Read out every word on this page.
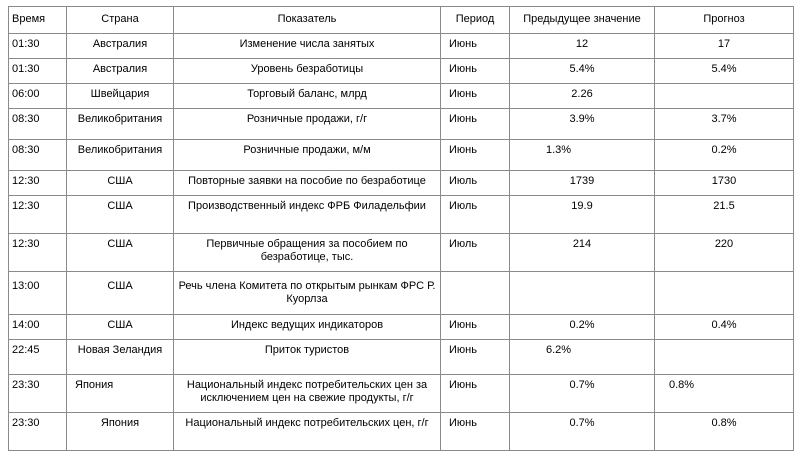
Время	Страна	Показатель	Период	Предыдущее значение	Прогноз
01:30	Австралия	Изменение числа занятых	Июнь	12	17
01:30	Австралия	Уровень безработицы	Июнь	5.4%	5.4%
06:00	Швейцария	Торговый баланс, млрд	Июнь	2.26	
08:30	Великобритания	Розничные продажи, г/г	Июнь	3.9%	3.7%
08:30	Великобритания	Розничные продажи, м/м	Июнь	1.3%	0.2%
12:30	США	Повторные заявки на пособие по безработице	Июль	1739	1730
12:30	США	Производственный индекс ФРБ Филадельфии	Июль	19.9	21.5
12:30	США	Первичные обращения за пособием по безработице, тыс.	Июль	214	220
13:00	США	Речь члена Комитета по открытым рынкам ФРС Р. Куорлза			
14:00	США	Индекс ведущих индикаторов	Июнь	0.2%	0.4%
22:45	Новая Зеландия	Приток туристов	Июнь	6.2%	
23:30	Япония	Национальный индекс потребительских цен за исключением цен на свежие продукты, г/г	Июнь	0.7%	0.8%
23:30	Япония	Национальный индекс потребительских цен, г/г	Июнь	0.7%	0.8%
